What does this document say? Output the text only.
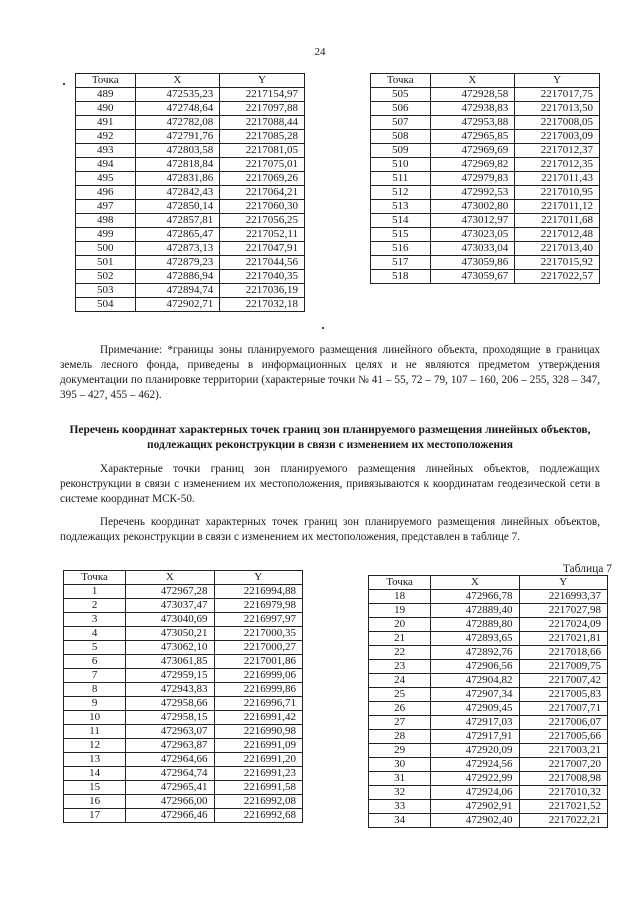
24
Точка	X	Y
489	472535,23	2217154,97
490	472748,64	2217097,88
491	472782,08	2217088,44
492	472791,76	2217085,28
493	472803,58	2217081,05
494	472818,84	2217075,01
495	472831,86	2217069,26
496	472842,43	2217064,21
497	472850,14	2217060,30
498	472857,81	2217056,25
499	472865,47	2217052,11
500	472873,13	2217047,91
501	472879,23	2217044,56
502	472886,94	2217040,35
503	472894,74	2217036,19
504	472902,71	2217032,18
Точка	X	Y
505	472928,58	2217017,75
506	472938,83	2217013,50
507	472953,88	2217008,05
508	472965,85	2217003,09
509	472969,69	2217012,37
510	472969,82	2217012,35
511	472979,83	2217011,43
512	472992,53	2217010,95
513	473002,80	2217011,12
514	473012,97	2217011,68
515	473023,05	2217012,48
516	473033,04	2217013,40
517	473059,86	2217015,92
518	473059,67	2217022,57

Примечание: *границы зоны планируемого размещения линейного объекта, проходящие в границах земель лесного фонда, приведены в информационных целях и не являются предметом утверждения документации по планировке территории (характерные точки № 41 – 55, 72 – 79, 107 – 160, 206 – 255, 328 – 347, 395 – 427, 455 – 462).

Перечень координат характерных точек границ зон планируемого размещения линейных объектов, подлежащих реконструкции в связи с изменением их местоположения

Характерные точки границ зон планируемого размещения линейных объектов, подлежащих реконструкции в связи с изменением их местоположения, привязываются к координатам геодезической сети в системе координат МСК-50.

Перечень координат характерных точек границ зон планируемого размещения линейных объектов, подлежащих реконструкции в связи с изменением их местоположения, представлен в таблице 7.

Таблица 7

Точка	X	Y
1	472967,28	2216994,88
2	473037,47	2216979,98
3	473040,69	2216997,97
4	473050,21	2217000,35
5	473062,10	2217000,27
6	473061,85	2217001,86
7	472959,15	2216999,06
8	472943,83	2216999,86
9	472958,66	2216996,71
10	472958,15	2216991,42
11	472963,07	2216990,98
12	472963,87	2216991,09
13	472964,66	2216991,20
14	472964,74	2216991,23
15	472965,41	2216991,58
16	472966,00	2216992,08
17	472966,46	2216992,68
Точка	X	Y
18	472966,78	2216993,37
19	472889,40	2217027,98
20	472889,80	2217024,09
21	472893,65	2217021,81
22	472892,76	2217018,66
23	472906,56	2217009,75
24	472904,82	2217007,42
25	472907,34	2217005,83
26	472909,45	2217007,71
27	472917,03	2217006,07
28	472917,91	2217005,66
29	472920,09	2217003,21
30	472924,56	2217007,20
31	472922,99	2217008,98
32	472924,06	2217010,32
33	472902,91	2217021,52
34	472902,40	2217022,21
